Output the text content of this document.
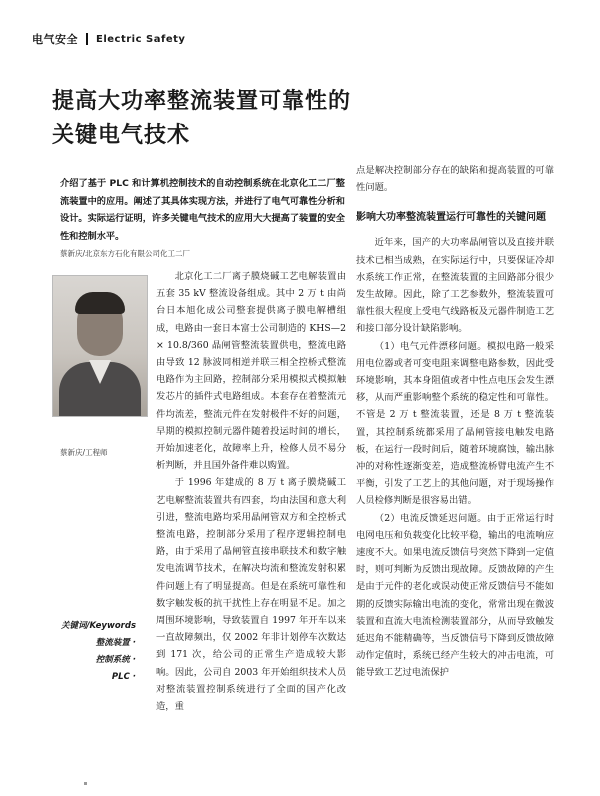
电气安全 Electric Safety
提高大功率整流装置可靠性的
关键电气技术
介绍了基于 PLC 和计算机控制技术的自动控制系统在北京化工二厂整流装置中的应用。阐述了其具体实现方法，并进行了电气可靠性分析和设计。实际运行证明，许多关键电气技术的应用大大提高了装置的安全性和控制水平。
蔡新庆/北京东方石化有限公司化工二厂
蔡新庆/工程师
关键词/Keywords
整流装置 ·
控制系统 ·
PLC ·

北京化工二厂离子膜烧碱工艺电解装置由五套 35 kV 整流设备组成。其中 2 万 t 由尚台日本旭化成公司整套提供离子膜电解槽组成，电路由一套日本富士公司制造的 KHS—2 × 10.8/360 晶闸管整流装置供电，整流电路由导致 12 脉波同相逆并联三相全控桥式整流电路作为主回路，控制部分采用模拟式模拟触发芯片的插件式电路组成。本套存在着整流元件均流差，整流元件在发射极件不好的问题，早期的模拟控制元器件随着投运时间的增长，开始加速老化，故障率上升，检修人员不易分析判断，并且国外备件难以购置。

于 1996 年建成的 8 万 t 离子膜烧碱工艺电解整流装置共有四套，均由法国和意大利引进，整流电路均采用晶闸管双方和全控桥式整流电路，控制部分采用了程序逻辑控制电路，由于采用了晶闸管直接串联技术和数字触发电流调节技术，在解决均流和整流发射积累件问题上有了明显提高。但是在系统可靠性和数字触发板的抗干扰性上存在明显不足。加之周围环境影响，导致装置自 1997 年开车以来一直故障频出，仅 2002 年非计划停车次数达到 171 次，给公司的正常生产造成较大影响。因此，公司自 2003 年开始组织技术人员对整流装置控制系统进行了全面的国产化改造，重

点是解决控制部分存在的缺陷和提高装置的可靠性问题。

影响大功率整流装置运行可靠性的关键问题

近年来，国产的大功率晶闸管以及直接并联技术已相当成熟，在实际运行中，只要保证冷却水系统工作正常，在整流装置的主回路部分很少发生故障。因此，除了工艺参数外，整流装置可靠性很大程度上受电气线路板及元器件制造工艺和接口部分设计缺陷影响。

（1）电气元件漂移问题。模拟电路一般采用电位器或者可变电阻来调整电路参数，因此受环境影响，其本身阻值或者中性点电压会发生漂移，从而严重影响整个系统的稳定性和可靠性。不管是 2 万 t 整流装置，还是 8 万 t 整流装置，其控制系统都采用了晶闸管接电触发电路板，在运行一段时间后，随着环境腐蚀，输出脉冲的对称性逐渐变差，造成整流桥臂电流产生不平衡，引发了工艺上的其他问题，对于现场操作人员检修判断是很容易出错。

（2）电流反馈延迟问题。由于正常运行时电网电压和负载变化比较平稳，输出的电流响应速度不大。如果电流反馈信号突然下降到一定值时，则可判断为反馈出现故障。反馈故障的产生是由于元件的老化或误动使正常反馈信号不能如期的反馈实际输出电流的变化，常常出现在微波装置和直流大电流检测装置部分，从而导致触发延迟角不能精确等，当反馈信号下降到反馈故障动作定值时，系统已经产生较大的冲击电流，可能导致工艺过电流保护
